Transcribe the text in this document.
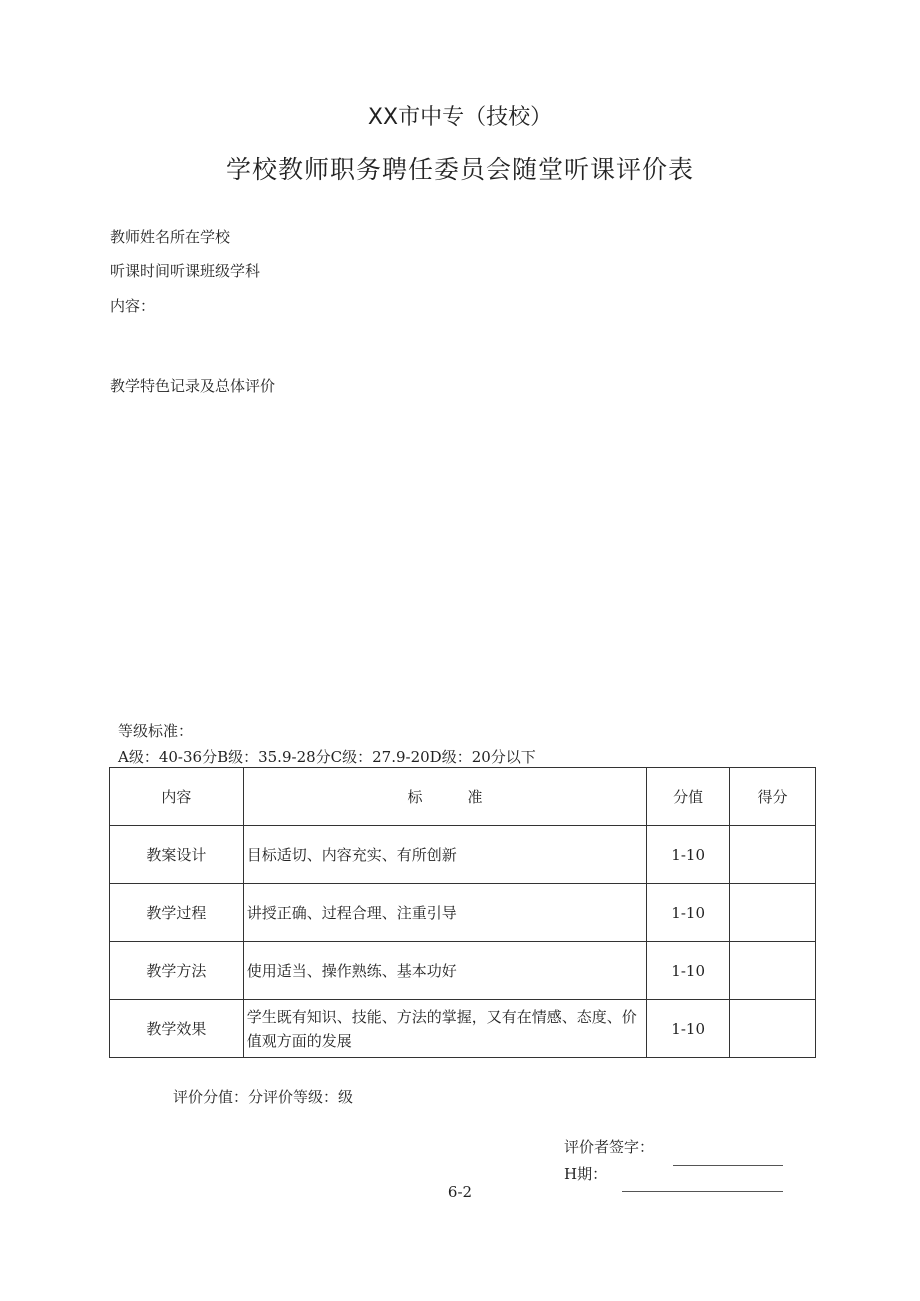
XX市中专（技校）
学校教师职务聘任委员会随堂听课评价表
教师姓名所在学校
听课时间听课班级学科
内容：
教学特色记录及总体评价
等级标准：
A级：40-36分B级：35.9-28分C级：27.9-20D级：20分以下
内容	标　　　准	分值	得分
教案设计	目标适切、内容充实、有所创新	1-10	
教学过程	讲授正确、过程合理、注重引导	1-10	
教学方法	使用适当、操作熟练、基本功好	1-10	
教学效果	学生既有知识、技能、方法的掌握，又有在情感、态度、价值观方面的发展	1-10	
评价分值：分评价等级：级
评价者签字：
H期：
6-2
